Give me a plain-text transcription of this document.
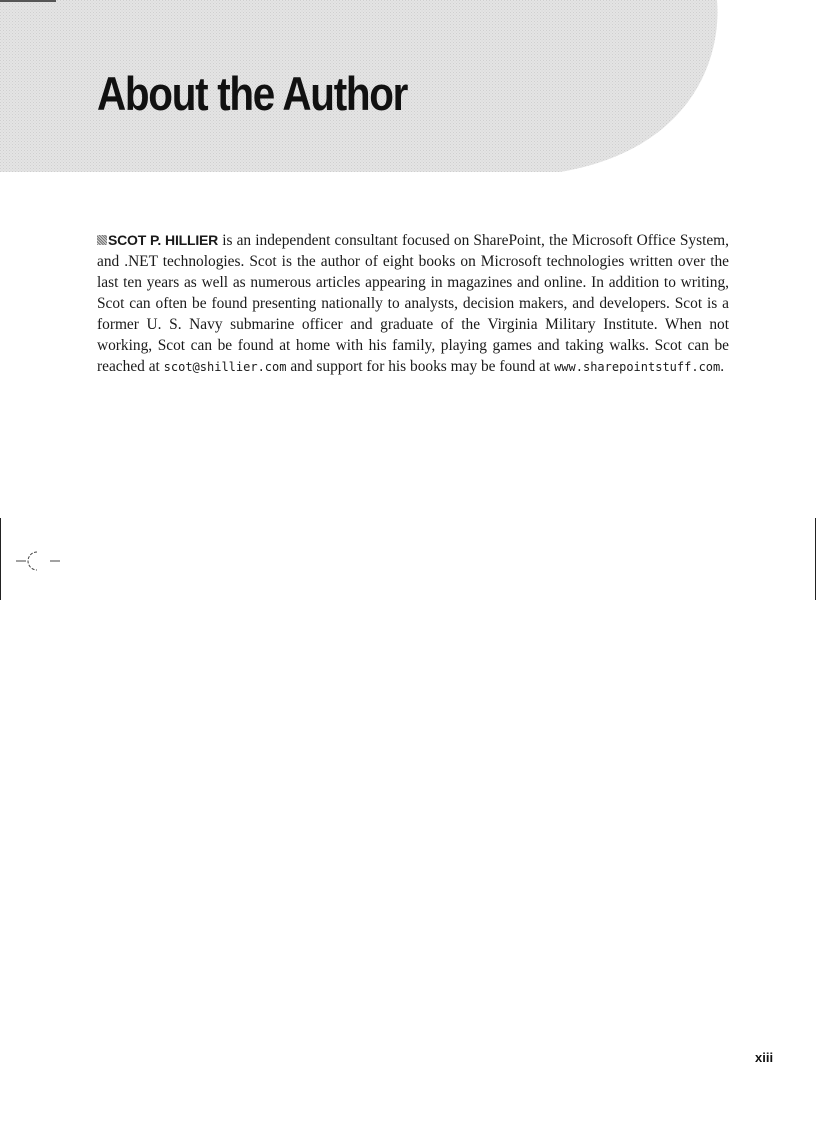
About the Author

SCOT P. HILLIER is an independent consultant focused on SharePoint, the Microsoft Office System, and .NET technologies. Scot is the author of eight books on Microsoft technologies written over the last ten years as well as numerous articles appearing in magazines and online. In addition to writing, Scot can often be found presenting nationally to analysts, decision makers, and developers. Scot is a former U. S. Navy submarine officer and graduate of the Virginia Military Institute. When not working, Scot can be found at home with his family, playing games and taking walks. Scot can be reached at scot@shillier.com and support for his books may be found at www.sharepointstuff.com.

xiii
